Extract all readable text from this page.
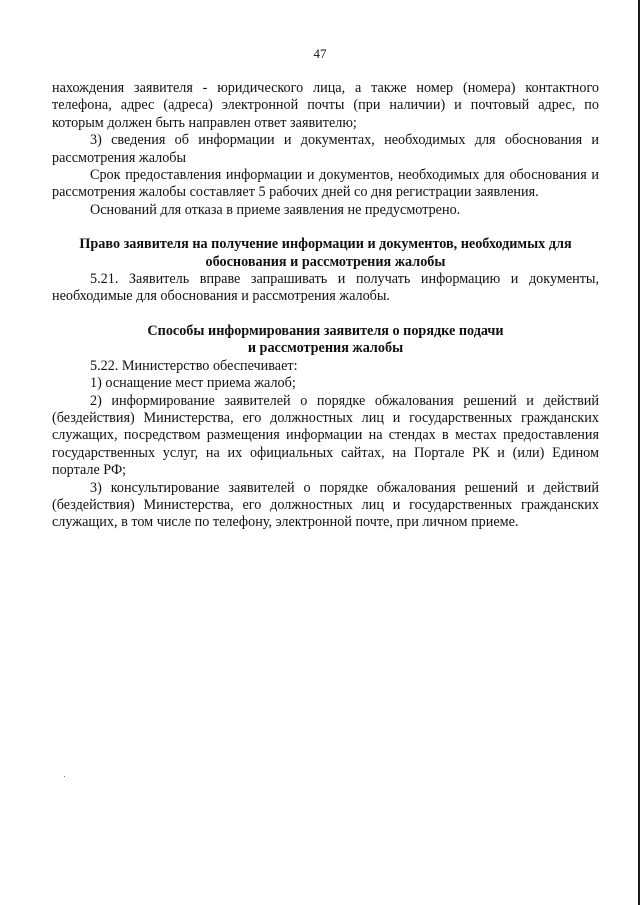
47

нахождения заявителя - юридического лица, а также номер (номера) контактного телефона, адрес (адреса) электронной почты (при наличии) и почтовый адрес, по которым должен быть направлен ответ заявителю;

3) сведения об информации и документах, необходимых для обоснования и рассмотрения жалобы

Срок предоставления информации и документов, необходимых для обоснования и рассмотрения жалобы составляет 5 рабочих дней со дня регистрации заявления.

Оснований для отказа в приеме заявления не предусмотрено.

Право заявителя на получение информации и документов, необходимых для
обоснования и рассмотрения жалобы

5.21. Заявитель вправе запрашивать и получать информацию и документы, необходимые для обоснования и рассмотрения жалобы.

Способы информирования заявителя о порядке подачи
и рассмотрения жалобы

5.22. Министерство обеспечивает:

1) оснащение мест приема жалоб;

2) информирование заявителей о порядке обжалования решений и действий (бездействия) Министерства, его должностных лиц и государственных гражданских служащих, посредством размещения информации на стендах в местах предоставления государственных услуг, на их официальных сайтах, на Портале РК и (или) Едином портале РФ;

3) консультирование заявителей о порядке обжалования решений и действий (бездействия) Министерства, его должностных лиц и государственных гражданских служащих, в том числе по телефону, электронной почте, при личном приеме.
